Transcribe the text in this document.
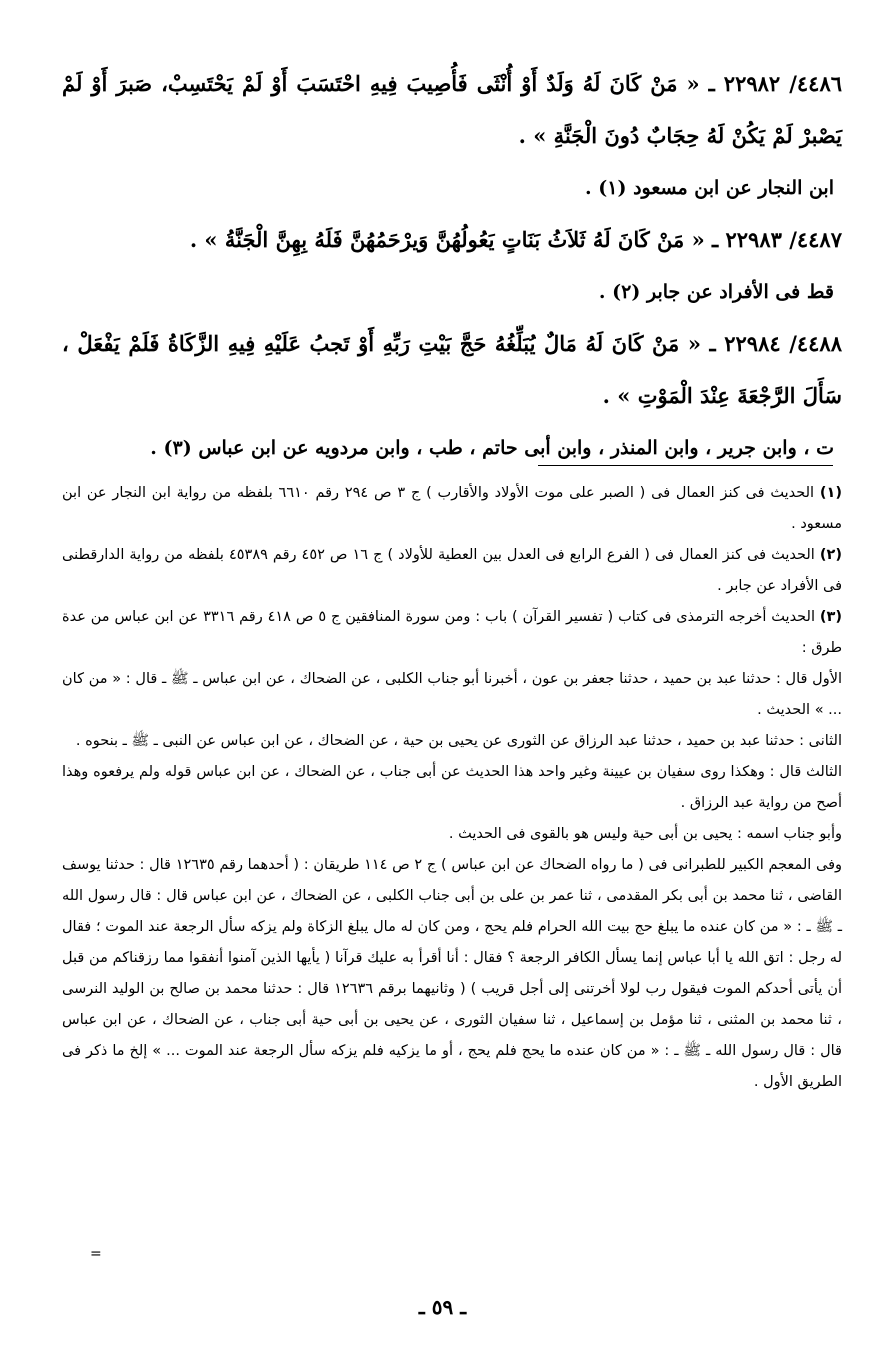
٤٤٨٦/ ٢٢٩٨٢ ـ « مَنْ كَانَ لَهُ وَلَدٌ أَوْ أُنْثَى فَأُصِيبَ فِيهِ احْتَسَبَ أَوْ لَمْ يَحْتَسِبْ، صَبرَ أَوْ لَمْ يَصْبرْ لَمْ يَكُنْ لَهُ حِجَابٌ دُونَ الْجَنَّةِ » .

ابن النجار عن ابن مسعود (١) .

٤٤٨٧/ ٢٢٩٨٣ ـ « مَنْ كَانَ لَهُ ثَلاَثُ بَنَاتٍ يَعُولُهُنَّ وَيرْحَمُهُنَّ فَلَهُ بِهِنَّ الْجَنَّةُ » .

قط فى الأفراد عن جابر (٢) .

٤٤٨٨/ ٢٢٩٨٤ ـ « مَنْ كَانَ لَهُ مَالٌ يُبَلِّغُهُ حَجَّ بَيْتِ رَبِّهِ أَوْ تَجبُ عَلَيْهِ فِيهِ الزَّكَاةُ فَلَمْ يَفْعَلْ ، سَأَلَ الرَّجْعَةَ عِنْدَ الْمَوْتِ » .

ت ، وابن جرير ، وابن المنذر ، وابن أبى حاتم ، طب ، وابن مردويه عن ابن عباس (٣) .

(١) الحديث فى كنز العمال فى ( الصبر على موت الأولاد والأقارب ) ج ٣ ص ٢٩٤ رقم ٦٦١٠ بلفظه من رواية ابن النجار عن ابن مسعود .

(٢) الحديث فى كنز العمال فى ( الفرع الرابع فى العدل بين العطية للأولاد ) ج ١٦ ص ٤٥٢ رقم ٤٥٣٨٩ بلفظه من رواية الدارقطنى فى الأفراد عن جابر .

(٣) الحديث أخرجه الترمذى فى كتاب ( تفسير القرآن ) باب : ومن سورة المنافقين ج ٥ ص ٤١٨ رقم ٣٣١٦ عن ابن عباس من عدة طرق :

الأول قال : حدثنا عبد بن حميد ، حدثنا جعفر بن عون ، أخبرنا أبو جناب الكلبى ، عن الضحاك ، عن ابن عباس ـ ﷺ ـ قال : « من كان ... » الحديث .

الثانى : حدثنا عبد بن حميد ، حدثنا عبد الرزاق عن الثورى عن يحيى بن حية ، عن الضحاك ، عن ابن عباس عن النبى ـ ﷺ ـ بنحوه .

الثالث قال : وهكذا روى سفيان بن عيينة وغير واحد هذا الحديث عن أبى جناب ، عن الضحاك ، عن ابن عباس قوله ولم يرفعوه وهذا أصح من رواية عبد الرزاق .

وأبو جناب اسمه : يحيى بن أبى حية وليس هو بالقوى فى الحديث .

وفى المعجم الكبير للطبرانى فى ( ما رواه الضحاك عن ابن عباس ) ج ٢ ص ١١٤ طريقان : ( أحدهما رقم ١٢٦٣٥ قال : حدثنا يوسف القاضى ، ثنا محمد بن أبى بكر المقدمى ، ثنا عمر بن على بن أبى جناب الكلبى ، عن الضحاك ، عن ابن عباس قال : قال رسول الله ـ ﷺ ـ : « من كان عنده ما يبلغ حج بيت الله الحرام فلم يحج ، ومن كان له مال يبلغ الزكاة ولم يزكه سأل الرجعة عند الموت ؛ فقال له رجل : اتق الله يا أبا عباس إنما يسأل الكافر الرجعة ؟ فقال : أنا أقرأ به عليك قرآنا ( يأيها الذين آمنوا أنفقوا مما رزقناكم من قبل أن يأتى أحدكم الموت فيقول رب لولا أخرتنى إلى أجل قريب ) ( وثانيهما برقم ١٢٦٣٦ قال : حدثنا محمد بن صالح بن الوليد النرسى ، ثنا محمد بن المثنى ، ثنا مؤمل بن إسماعيل ، ثنا سفيان الثورى ، عن يحيى بن أبى حية أبى جناب ، عن الضحاك ، عن ابن عباس قال : قال رسول الله ـ ﷺ ـ : « من كان عنده ما يحج فلم يحج ، أو ما يزكيه فلم يزكه سأل الرجعة عند الموت ... » إلخ ما ذكر فى الطريق الأول .

=
ـ ٥٩ ـ
